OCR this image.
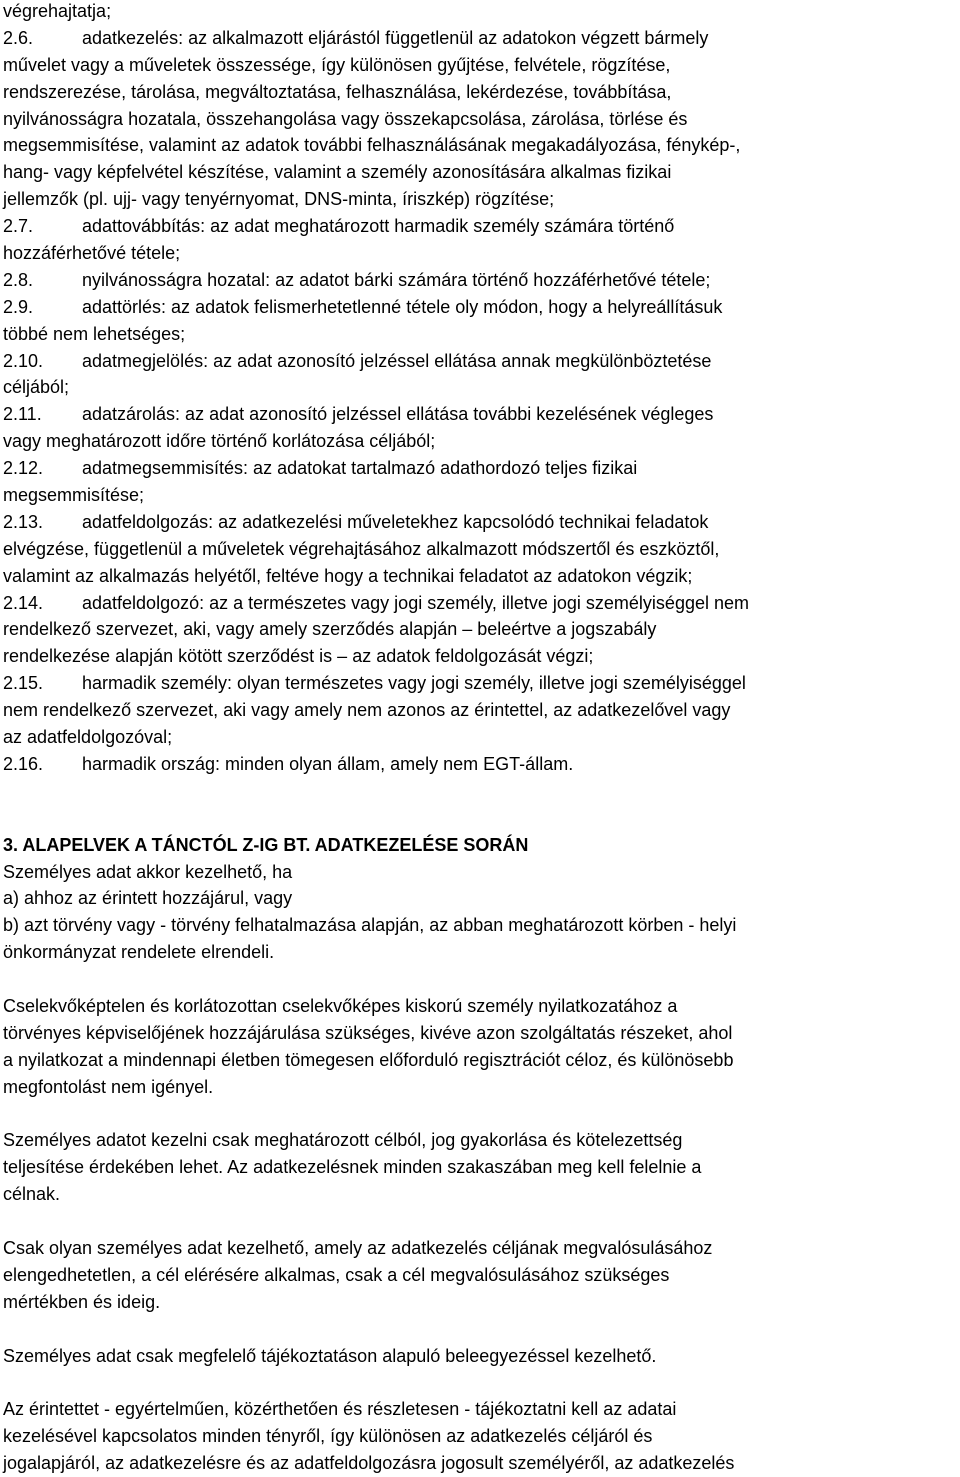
végrehajtatja;
2.6.	adatkezelés: az alkalmazott eljárástól függetlenül az adatokon végzett bármely
művelet vagy a műveletek összessége, így különösen gyűjtése, felvétele, rögzítése,
rendszerezése, tárolása, megváltoztatása, felhasználása, lekérdezése, továbbítása,
nyilvánosságra hozatala, összehangolása vagy összekapcsolása, zárolása, törlése és
megsemmisítése, valamint az adatok további felhasználásának megakadályozása, fénykép-,
hang- vagy képfelvétel készítése, valamint a személy azonosítására alkalmas fizikai
jellemzők (pl. ujj- vagy tenyérnyomat, DNS-minta, íriszkép) rögzítése;
2.7.	adattovábbítás: az adat meghatározott harmadik személy számára történő
hozzáférhetővé tétele;
2.8.	nyilvánosságra hozatal: az adatot bárki számára történő hozzáférhetővé tétele;
2.9.	adattörlés: az adatok felismerhetetlenné tétele oly módon, hogy a helyreállításuk
többé nem lehetséges;
2.10. adatmegjelölés: az adat azonosító jelzéssel ellátása annak megkülönböztetése
céljából;
2.11. adatzárolás: az adat azonosító jelzéssel ellátása további kezelésének végleges
vagy meghatározott időre történő korlátozása céljából;
2.12. adatmegsemmisítés: az adatokat tartalmazó adathordozó teljes fizikai
megsemmisítése;
2.13. adatfeldolgozás: az adatkezelési műveletekhez kapcsolódó technikai feladatok
elvégzése, függetlenül a műveletek végrehajtásához alkalmazott módszertől és eszköztől,
valamint az alkalmazás helyétől, feltéve hogy a technikai feladatot az adatokon végzik;
2.14. adatfeldolgozó: az a természetes vagy jogi személy, illetve jogi személyiséggel nem
rendelkező szervezet, aki, vagy amely szerződés alapján – beleértve a jogszabály
rendelkezése alapján kötött szerződést is – az adatok feldolgozását végzi;
2.15. harmadik személy: olyan természetes vagy jogi személy, illetve jogi személyiséggel
nem rendelkező szervezet, aki vagy amely nem azonos az érintettel, az adatkezelővel vagy
az adatfeldolgozóval;
2.16. harmadik ország: minden olyan állam, amely nem EGT-állam.
3. ALAPELVEK A TÁNCTÓL Z-IG BT. ADATKEZELÉSE SORÁN
Személyes adat akkor kezelhető, ha
a) ahhoz az érintett hozzájárul, vagy
b) azt törvény vagy - törvény felhatalmazása alapján, az abban meghatározott körben - helyi
önkormányzat rendelete elrendeli.
Cselekvőképtelen és korlátozottan cselekvőképes kiskorú személy nyilatkozatához a
törvényes képviselőjének hozzájárulása szükséges, kivéve azon szolgáltatás részeket, ahol
a nyilatkozat a mindennapi életben tömegesen előforduló regisztrációt céloz, és különösebb
megfontolást nem igényel.
Személyes adatot kezelni csak meghatározott célból, jog gyakorlása és kötelezettség
teljesítése érdekében lehet. Az adatkezelésnek minden szakaszában meg kell felelnie a
célnak.
Csak olyan személyes adat kezelhető, amely az adatkezelés céljának megvalósulásához
elengedhetetlen, a cél elérésére alkalmas, csak a cél megvalósulásához szükséges
mértékben és ideig.
Személyes adat csak megfelelő tájékoztatáson alapuló beleegyezéssel kezelhető.
Az érintettet - egyértelműen, közérthetően és részletesen - tájékoztatni kell az adatai
kezelésével kapcsolatos minden tényről, így különösen az adatkezelés céljáról és
jogalapjáról, az adatkezelésre és az adatfeldolgozásra jogosult személyéről, az adatkezelés
